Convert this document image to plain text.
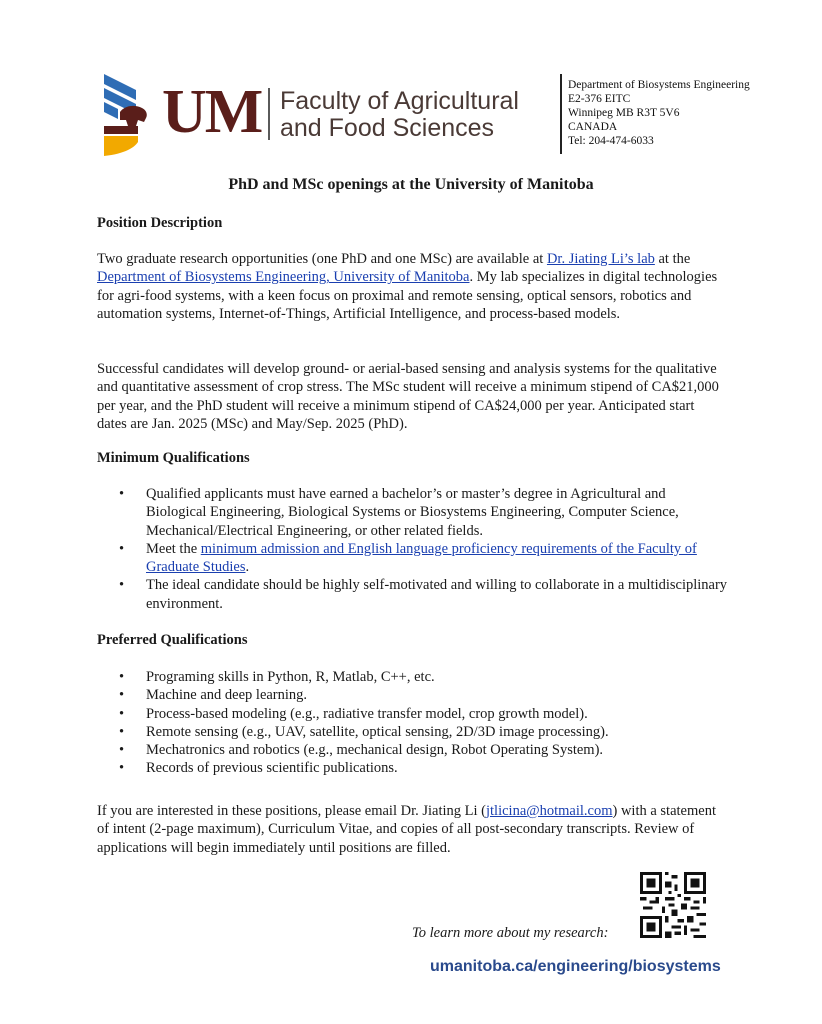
UM Faculty of Agricultural
and Food Sciences
Department of Biosystems Engineering
E2-376 EITC
Winnipeg MB R3T 5V6
CANADA
Tel: 204-474-6033
PhD and MSc openings at the University of Manitoba
Position Description
Two graduate research opportunities (one PhD and one MSc) are available at Dr. Jiating Li’s lab at the Department of Biosystems Engineering, University of Manitoba. My lab specializes in digital technologies for agri-food systems, with a keen focus on proximal and remote sensing, optical sensors, robotics and automation systems, Internet-of-Things, Artificial Intelligence, and process-based models.
Successful candidates will develop ground- or aerial-based sensing and analysis systems for the qualitative and quantitative assessment of crop stress. The MSc student will receive a minimum stipend of CA$21,000 per year, and the PhD student will receive a minimum stipend of CA$24,000 per year. Anticipated start dates are Jan. 2025 (MSc) and May/Sep. 2025 (PhD).
Minimum Qualifications
• Qualified applicants must have earned a bachelor’s or master’s degree in Agricultural and Biological Engineering, Biological Systems or Biosystems Engineering, Computer Science, Mechanical/Electrical Engineering, or other related fields.
• Meet the minimum admission and English language proficiency requirements of the Faculty of Graduate Studies.
• The ideal candidate should be highly self-motivated and willing to collaborate in a multidisciplinary environment.
Preferred Qualifications
• Programing skills in Python, R, Matlab, C++, etc.
• Machine and deep learning.
• Process-based modeling (e.g., radiative transfer model, crop growth model).
• Remote sensing (e.g., UAV, satellite, optical sensing, 2D/3D image processing).
• Mechatronics and robotics (e.g., mechanical design, Robot Operating System).
• Records of previous scientific publications.
If you are interested in these positions, please email Dr. Jiating Li (jtlicina@hotmail.com) with a statement of intent (2-page maximum), Curriculum Vitae, and copies of all post-secondary transcripts. Review of applications will begin immediately until positions are filled.
To learn more about my research:
umanitoba.ca/engineering/biosystems
